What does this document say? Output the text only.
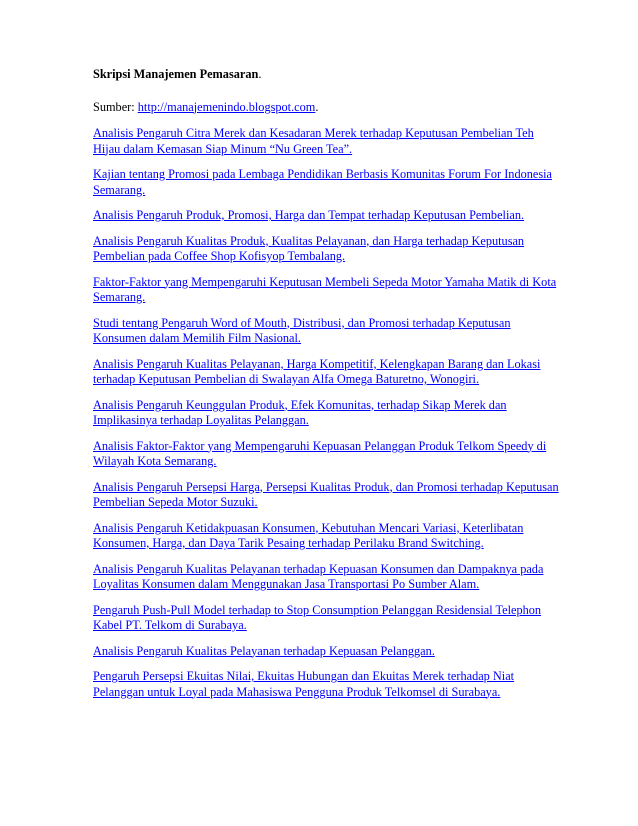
Skripsi Manajemen Pemasaran.

Sumber: http://manajemenindo.blogspot.com.

Analisis Pengaruh Citra Merek dan Kesadaran Merek terhadap Keputusan Pembelian Teh Hijau dalam Kemasan Siap Minum “Nu Green Tea”.
Kajian tentang Promosi pada Lembaga Pendidikan Berbasis Komunitas Forum For Indonesia Semarang.
Analisis Pengaruh Produk, Promosi, Harga dan Tempat terhadap Keputusan Pembelian.
Analisis Pengaruh Kualitas Produk, Kualitas Pelayanan, dan Harga terhadap Keputusan Pembelian pada Coffee Shop Kofisyop Tembalang.
Faktor-Faktor yang Mempengaruhi Keputusan Membeli Sepeda Motor Yamaha Matik di Kota Semarang.
Studi tentang Pengaruh Word of Mouth, Distribusi, dan Promosi terhadap Keputusan Konsumen dalam Memilih Film Nasional.
Analisis Pengaruh Kualitas Pelayanan, Harga Kompetitif, Kelengkapan Barang dan Lokasi terhadap Keputusan Pembelian di Swalayan Alfa Omega Baturetno, Wonogiri.
Analisis Pengaruh Keunggulan Produk, Efek Komunitas, terhadap Sikap Merek dan Implikasinya terhadap Loyalitas Pelanggan.
Analisis Faktor-Faktor yang Mempengaruhi Kepuasan Pelanggan Produk Telkom Speedy di Wilayah Kota Semarang.
Analisis Pengaruh Persepsi Harga, Persepsi Kualitas Produk, dan Promosi terhadap Keputusan Pembelian Sepeda Motor Suzuki.
Analisis Pengaruh Ketidakpuasan Konsumen, Kebutuhan Mencari Variasi, Keterlibatan Konsumen, Harga, dan Daya Tarik Pesaing terhadap Perilaku Brand Switching.
Analisis Pengaruh Kualitas Pelayanan terhadap Kepuasan Konsumen dan Dampaknya pada Loyalitas Konsumen dalam Menggunakan Jasa Transportasi Po Sumber Alam.
Pengaruh Push-Pull Model terhadap to Stop Consumption Pelanggan Residensial Telephon Kabel PT. Telkom di Surabaya.
Analisis Pengaruh Kualitas Pelayanan terhadap Kepuasan Pelanggan.
Pengaruh Persepsi Ekuitas Nilai, Ekuitas Hubungan dan Ekuitas Merek terhadap Niat Pelanggan untuk Loyal pada Mahasiswa Pengguna Produk Telkomsel di Surabaya.
